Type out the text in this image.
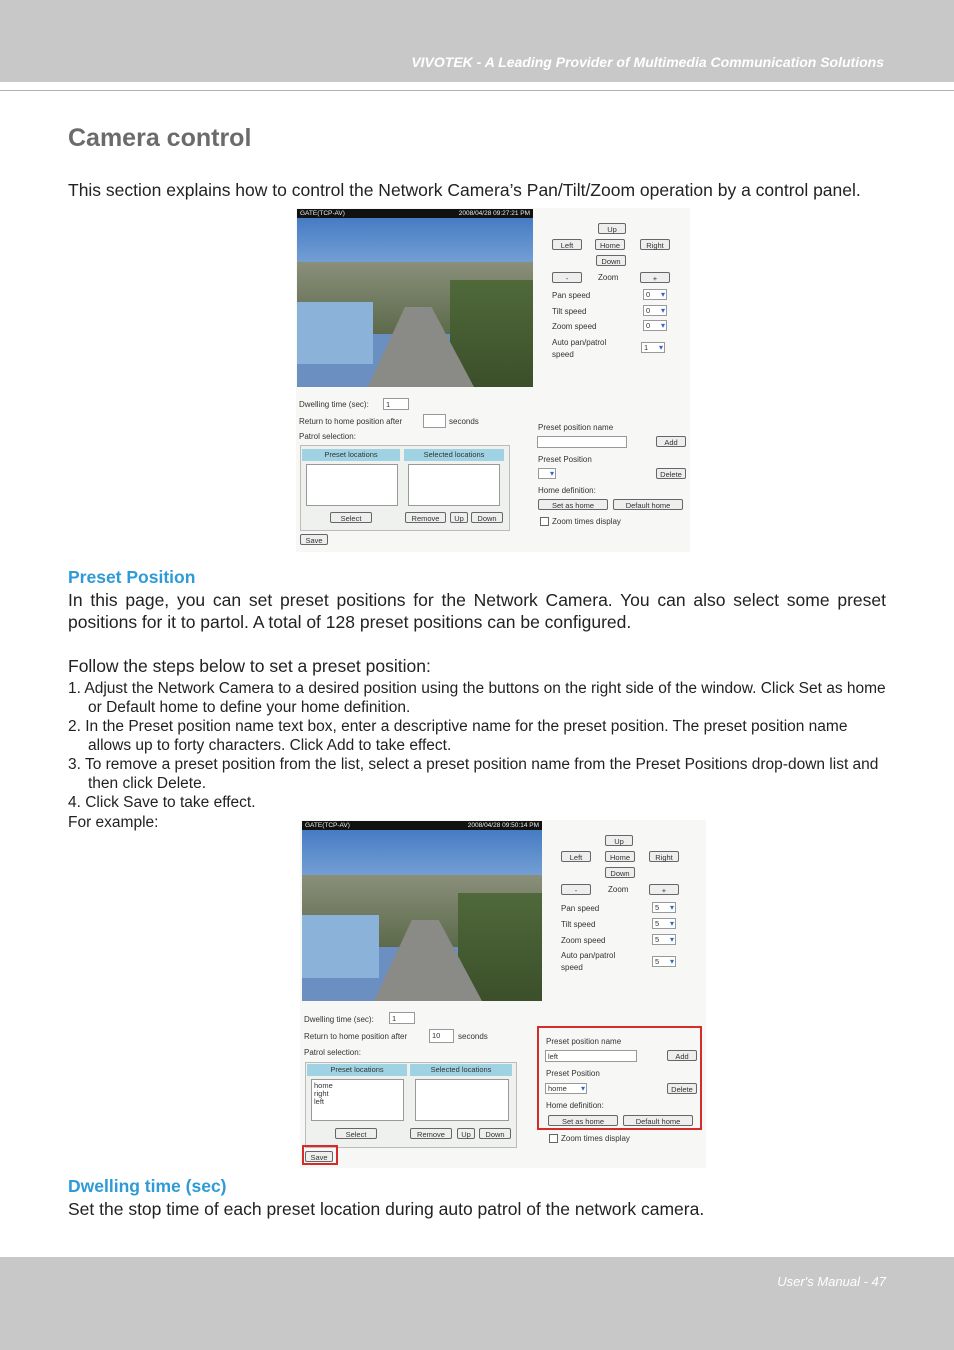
VIVOTEK - A Leading Provider of Multimedia Communication Solutions
Camera control
This section explains how to control the Network Camera’s Pan/Tilt/Zoom operation by a control panel.
GATE(TCP-AV)	2008/04/28 09:27:21 PM
Up
Left	Home	Right
Down
-	Zoom	+
Pan speed	0 ▾
Tilt speed	0 ▾
Zoom speed	0 ▾
Auto pan/patrol
speed
1 ▾
Dwelling time (sec):	1
Return to home position after	seconds
Patrol selection:
Preset locations	Selected locations
Select	Remove	Up	Down
Save
Preset position name
Add
Preset Position
▾
Delete
Home definition:
Set as home	Default home
Zoom times display
Preset Position
In this page, you can set preset positions for the Network Camera. You can also select some preset positions for it to partol. A total of 128 preset positions can be configured.
Follow the steps below to set a preset position:
1. Adjust the Network Camera to a desired position using the buttons on the right side of the window. Click Set as home or Default home to define your home definition.
2. In the Preset position name text box, enter a descriptive name for the preset position. The preset position name allows up to forty characters. Click Add to take effect.
3. To remove a preset position from the list, select a preset position name from the Preset Positions drop-down list and then click Delete.
4. Click Save to take effect.
For example:	GATE(TCP-AV)	2008/04/28 09:50:14 PM
Up
Left	Home	Right
Down
-	Zoom	+
Pan speed	5 ▾
Tilt speed	5 ▾
Zoom speed	5 ▾
Auto pan/patrol
speed
5 ▾
Dwelling time (sec):	1
Return to home position after	10	seconds
Patrol selection:
Preset locations	Selected locations
home
right
left
Select	Remove	Up	Down
Save
Preset position name
left	Add
Preset Position
home ▾	Delete
Home definition:
Set as home	Default home
Zoom times display
Dwelling time (sec)
Set the stop time of each preset location during auto patrol of the network camera.
User's Manual - 47
